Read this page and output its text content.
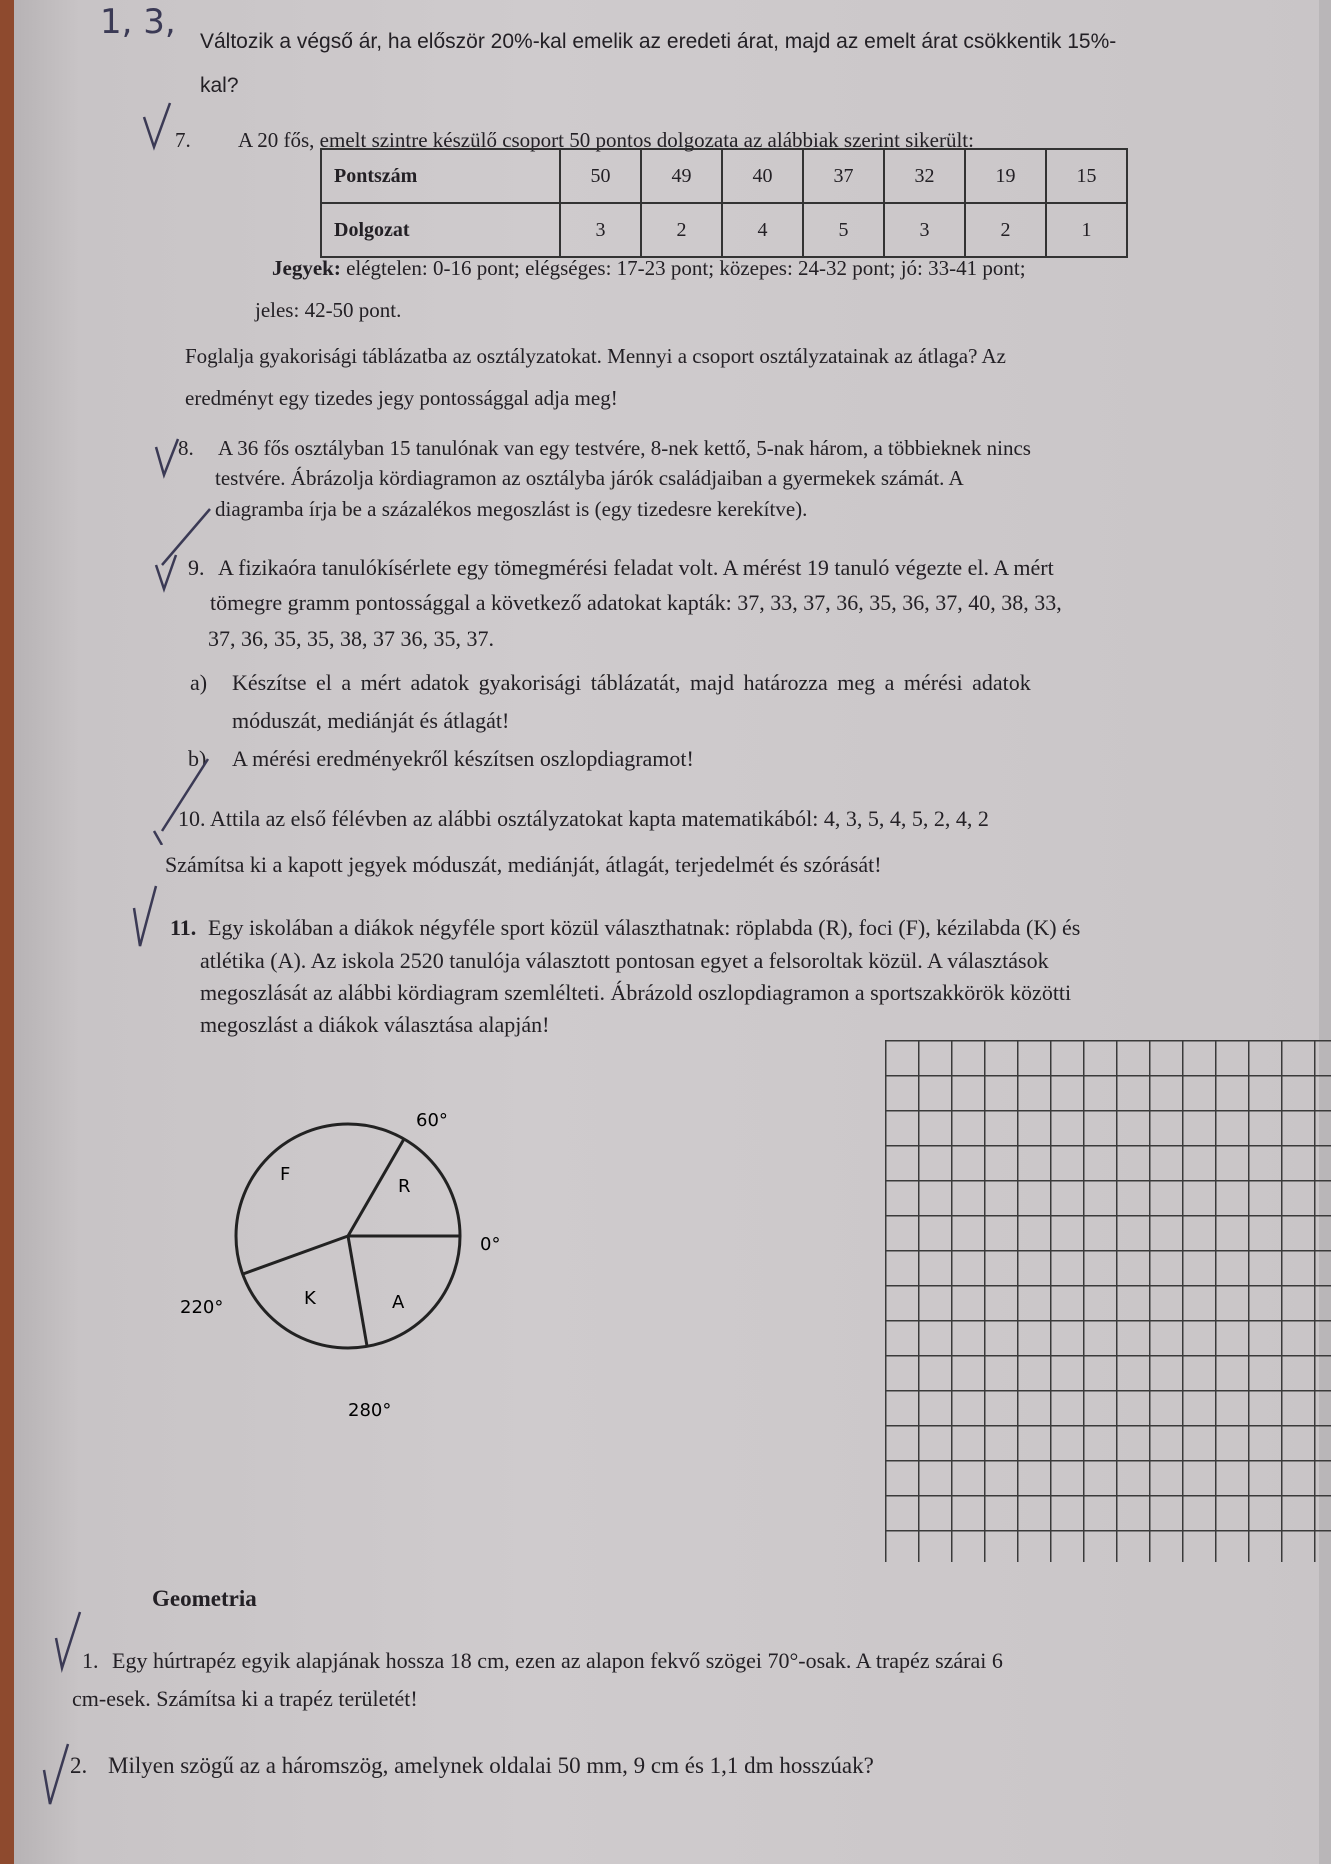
1, 3, Változik a végső ár, ha először 20%-kal emelik az eredeti árat, majd az emelt árat csökkentik 15%-
kal?
7. A 20 fős, emelt szintre készülő csoport 50 pontos dolgozata az alábbiak szerint sikerült:
Pontszám	50	49	40	37	32	19	15
Dolgozat	3	2	4	5	3	2	1
Jegyek: elégtelen: 0-16 pont; elégséges: 17-23 pont; közepes: 24-32 pont; jó: 33-41 pont;
jeles: 42-50 pont.
Foglalja gyakorisági táblázatba az osztályzatokat. Mennyi a csoport osztályzatainak az átlaga? Az
eredményt egy tizedes jegy pontossággal adja meg!
8. A 36 fős osztályban 15 tanulónak van egy testvére, 8-nek kettő, 5-nak három, a többieknek nincs
testvére. Ábrázolja kördiagramon az osztályba járók családjaiban a gyermekek számát. A
diagramba írja be a százalékos megoszlást is (egy tizedesre kerekítve).
9. A fizikaóra tanulókísérlete egy tömegmérési feladat volt. A mérést 19 tanuló végezte el. A mért
tömegre gramm pontossággal a következő adatokat kapták: 37, 33, 37, 36, 35, 36, 37, 40, 38, 33,
37, 36, 35, 35, 38, 37 36, 35, 37.
a) Készítse el a mért adatok gyakorisági táblázatát, majd határozza meg a mérési adatok
móduszát, mediánját és átlagát!
b) A mérési eredményekről készítsen oszlopdiagramot!
10. Attila az első félévben az alábbi osztályzatokat kapta matematikából: 4, 3, 5, 4, 5, 2, 4, 2
Számítsa ki a kapott jegyek móduszát, mediánját, átlagát, terjedelmét és szórását!
11. Egy iskolában a diákok négyféle sport közül választhatnak: röplabda (R), foci (F), kézilabda (K) és
atlétika (A). Az iskola 2520 tanulója választott pontosan egyet a felsoroltak közül. A választások
megoszlását az alábbi kördiagram szemlélteti. Ábrázold oszlopdiagramon a sportszakkörök közötti
megoszlást a diákok választása alapján!
F
R
K	A
60°
0°
220°
280°
Geometria
1. Egy húrtrapéz egyik alapjának hossza 18 cm, ezen az alapon fekvő szögei 70°-osak. A trapéz szárai 6
cm-esek. Számítsa ki a trapéz területét!
2. Milyen szögű az a háromszög, amelynek oldalai 50 mm, 9 cm és 1,1 dm hosszúak?
